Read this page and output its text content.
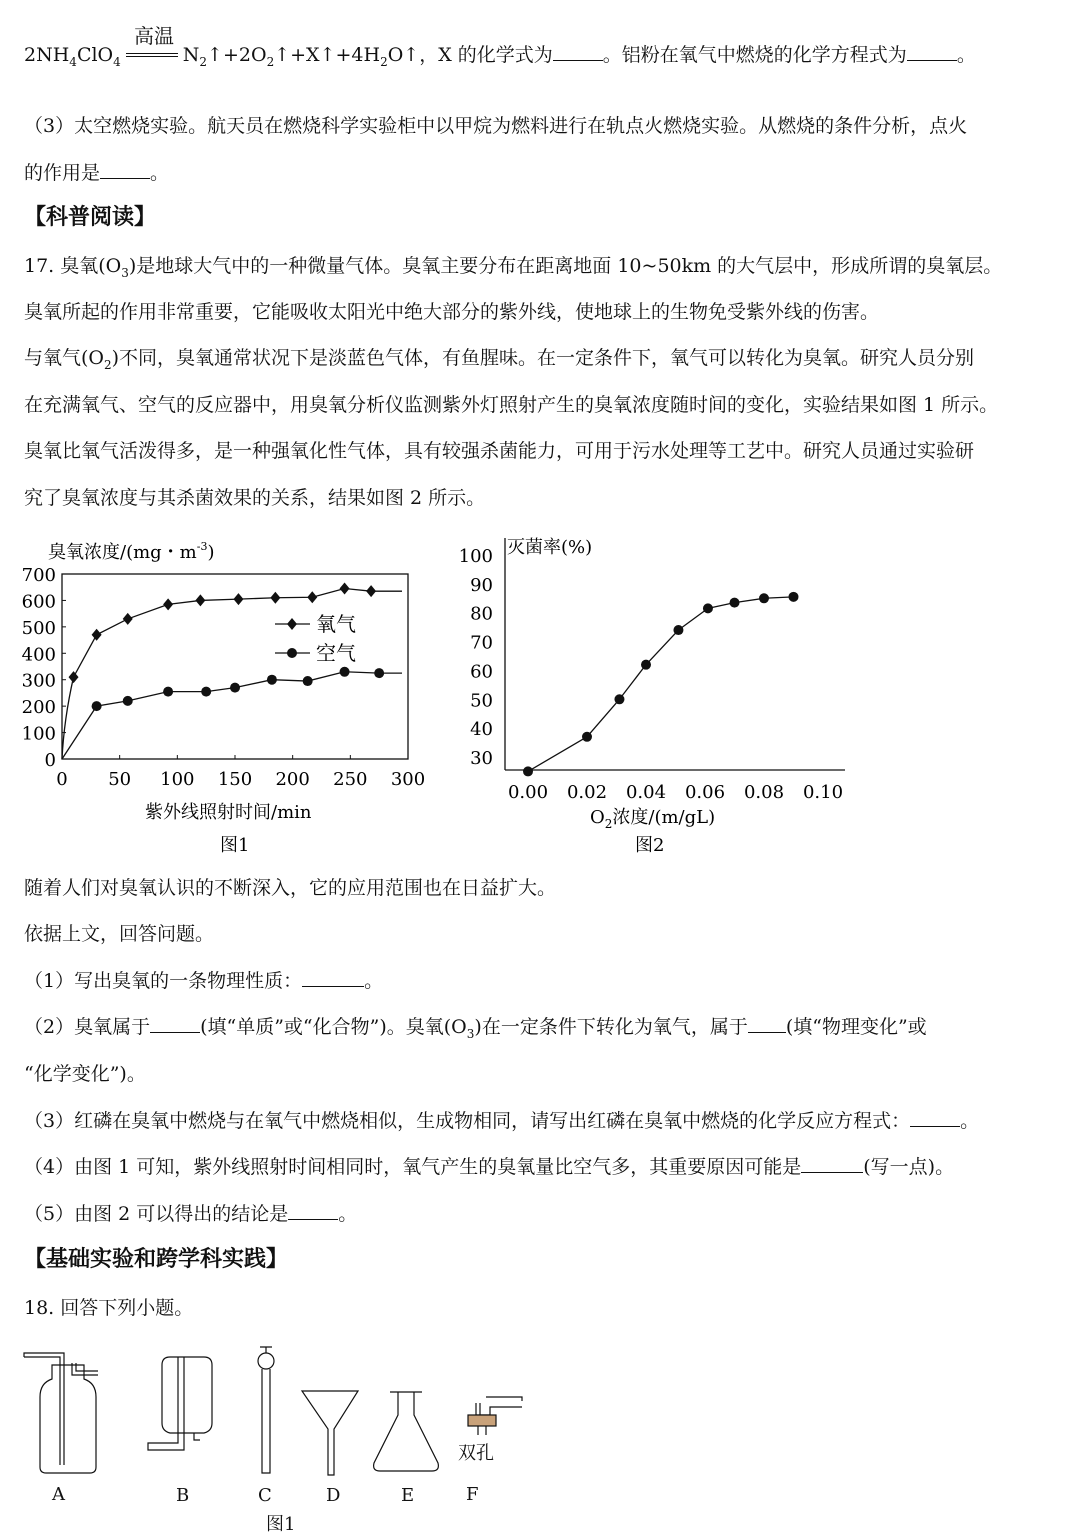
$2NH_4ClO_4$	$N_2↑+2O_2↑+X↑+4H_2O↑$，X 的化学式为	。铝粉在氧气中燃烧的化学方程式为	。
高温
（3）太空燃烧实验。航天员在燃烧科学实验柜中以甲烷为燃料进行在轨点火燃烧实验。从燃烧的条件分析，点火
的作用是	。
【科普阅读】
17. 臭氧$(O_3)$是地球大气中的一种微量气体。臭氧主要分布在距离地面 10~50km 的大气层中，形成所谓的臭氧层。
臭氧所起的作用非常重要，它能吸收太阳光中绝大部分的紫外线，使地球上的生物免受紫外线的伤害。
与氧气$(O_2)$不同，臭氧通常状况下是淡蓝色气体，有鱼腥味。在一定条件下，氧气可以转化为臭氧。研究人员分别
在充满氧气、空气的反应器中，用臭氧分析仪监测紫外灯照射产生的臭氧浓度随时间的变化，实验结果如图 1 所示。
臭氧比氧气活泼得多，是一种强氧化性气体，具有较强杀菌能力，可用于污水处理等工艺中。研究人员通过实验研
究了臭氧浓度与其杀菌效果的关系，结果如图 2 所示。
臭氧浓度/(mg・$m^{-3}$)
0
100
200
300
400
500
600
700
0 50 100 150 200 250 300
氧气
空气
紫外线照射时间/min
图1
灭菌率(%)
30
40
50
60
70
80
90
100
0.00 0.02 0.04 0.06 0.08 0.10
$O_2$浓度/(m/gL)
图2
随着人们对臭氧认识的不断深入，它的应用范围也在日益扩大。
依据上文，回答问题。
（1）写出臭氧的一条物理性质：	。
（2）臭氧属于	(填“单质”或“化合物”)。臭氧$(O_3)$在一定条件下转化为氧气，属于 (填“物理变化”或
“化学变化”)。
（3）红磷在臭氧中燃烧与在氧气中燃烧相似，生成物相同，请写出红磷在臭氧中燃烧的化学反应方程式：	。
（4）由图 1 可知，紫外线照射时间相同时，氧气产生的臭氧量比空气多，其重要原因可能是	(写一点)。
（5）由图 2 可以得出的结论是	。
【基础实验和跨学科实践】
18. 回答下列小题。
A	B	C	D	E
双孔
F
图1
